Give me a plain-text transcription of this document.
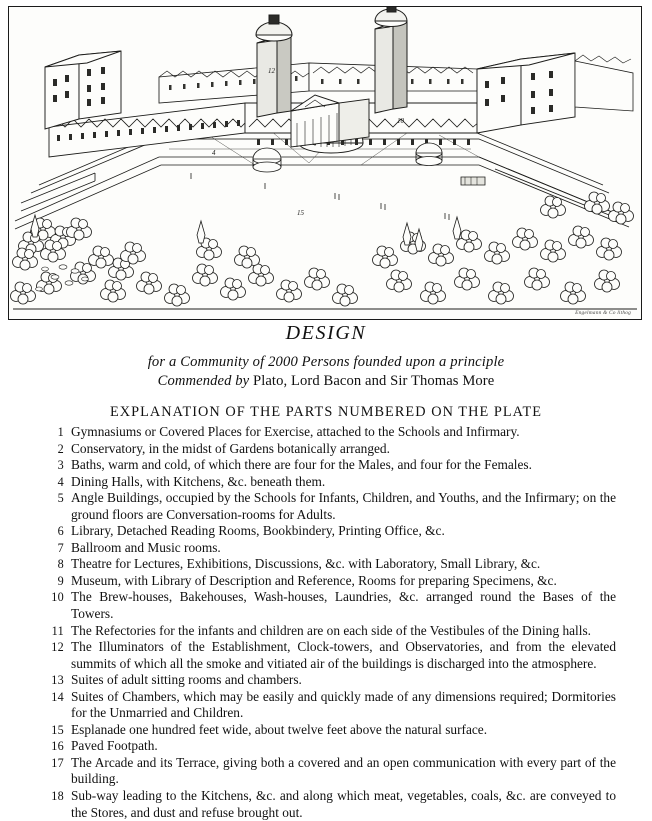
4
10
12
15
Engelmann & Co lithog
DESIGN
for a Community of 2000 Persons founded upon a principle
Commended by Plato, Lord Bacon and Sir Thomas More
EXPLANATION OF THE PARTS NUMBERED ON THE PLATE
1 Gymnasiums or Covered Places for Exercise, attached to the Schools and Infirmary.
2 Conservatory, in the midst of Gardens botanically arranged.
3 Baths, warm and cold, of which there are four for the Males, and four for the Females.
4 Dining Halls, with Kitchens, &c. beneath them.
5 Angle Buildings, occupied by the Schools for Infants, Children, and Youths, and the Infirmary; on the ground floors are Conversation-rooms for Adults.
6 Library, Detached Reading Rooms, Bookbindery, Printing Office, &c.
7 Ballroom and Music rooms.
8 Theatre for Lectures, Exhibitions, Discussions, &c. with Laboratory, Small Library, &c.
9 Museum, with Library of Description and Reference, Rooms for preparing Specimens, &c.
10 The Brew-houses, Bakehouses, Wash-houses, Laundries, &c. arranged round the Bases of the Towers.
11 The Refectories for the infants and children are on each side of the Vestibules of the Dining halls.
12 The Illuminators of the Establishment, Clock-towers, and Observatories, and from the elevated summits of which all the smoke and vitiated air of the buildings is discharged into the atmosphere.
13 Suites of adult sitting rooms and chambers.
14 Suites of Chambers, which may be easily and quickly made of any dimensions required; Dormitories for the Unmarried and Children.
15 Esplanade one hundred feet wide, about twelve feet above the natural surface.
16 Paved Footpath.
17 The Arcade and its Terrace, giving both a covered and an open communication with every part of the building.
18 Sub-way leading to the Kitchens, &c. and along which meat, vegetables, coals, &c. are conveyed to the Stores, and dust and refuse brought out.
